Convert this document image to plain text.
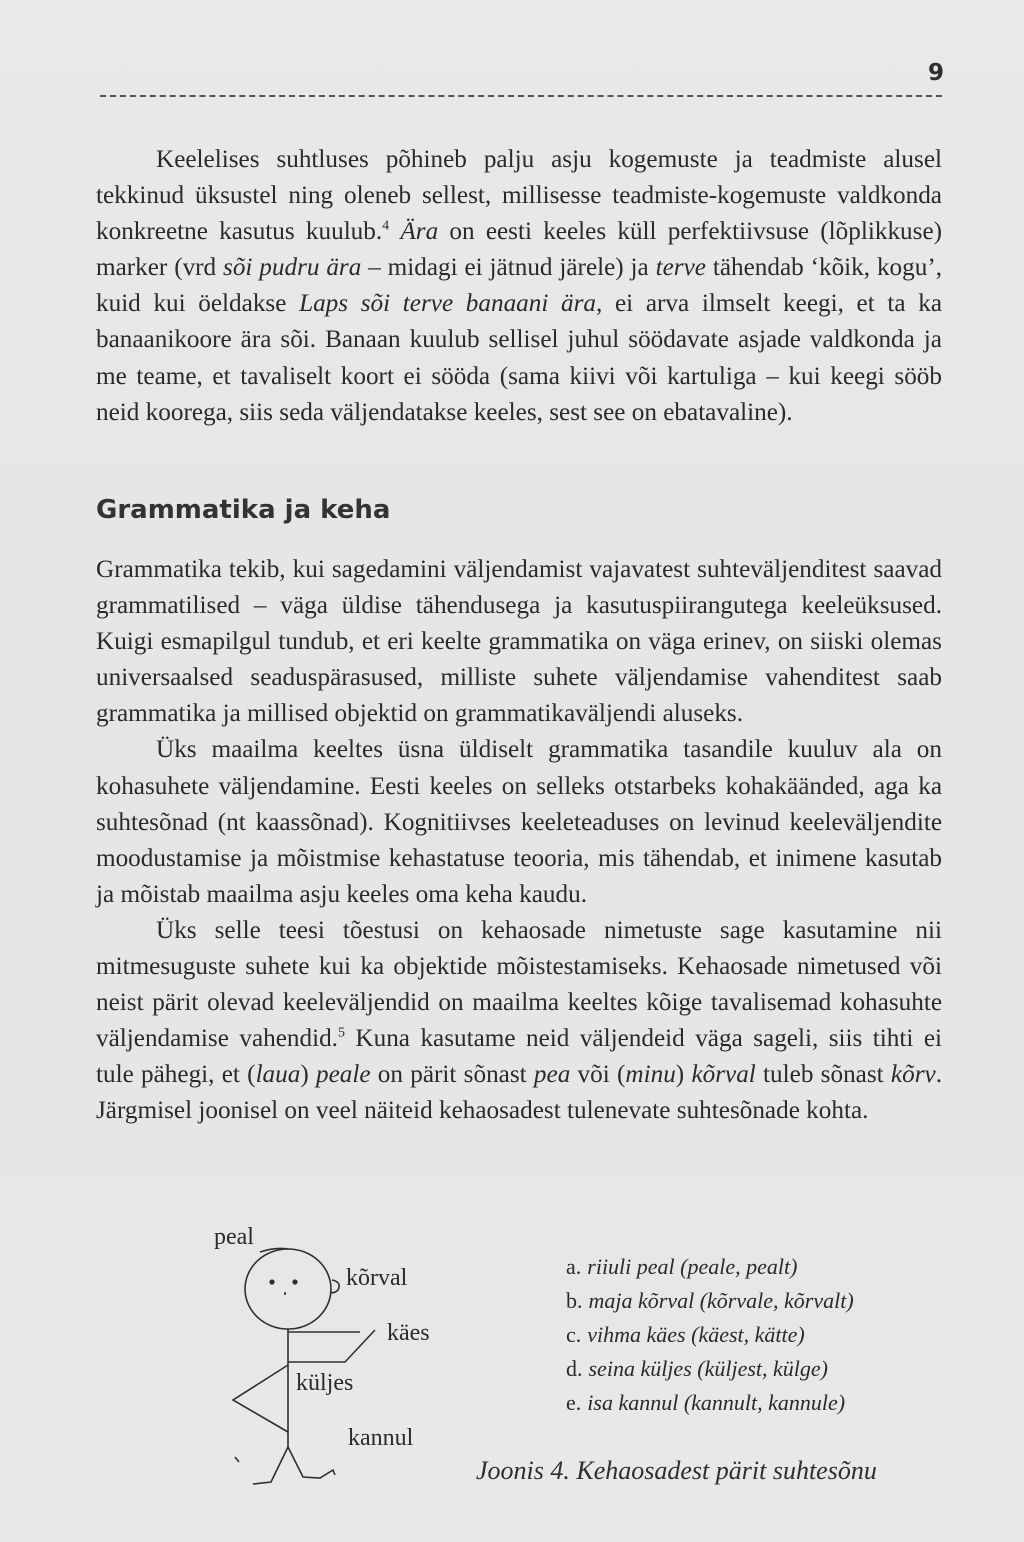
9

Keelelises suhtluses põhineb palju asju kogemuste ja teadmiste alusel tekkinud üksustel ning oleneb sellest, millisesse teadmiste-kogemuste valdkonda konkreetne kasutus kuulub.$^4$ Ära on eesti keeles küll perfektiivsuse (lõplikkuse) marker (vrd sõi pudru ära – midagi ei jätnud järele) ja terve tähendab ‘kõik, kogu’, kuid kui öeldakse Laps sõi terve banaani ära, ei arva ilmselt keegi, et ta ka banaanikoore ära sõi. Banaan kuulub sellisel juhul söödavate asjade valdkonda ja me teame, et tavaliselt koort ei sööda (sama kiivi või kartuliga – kui keegi sööb neid koorega, siis seda väljendatakse keeles, sest see on ebatavaline).

Grammatika ja keha

Grammatika tekib, kui sagedamini väljendamist vajavatest suhteväljenditest saavad grammatilised – väga üldise tähendusega ja kasutuspiirangutega keeleüksused. Kuigi esmapilgul tundub, et eri keelte grammatika on väga erinev, on siiski olemas universaalsed seaduspärasused, milliste suhete väljendamise vahenditest saab grammatika ja millised objektid on grammatikaväljendi aluseks.

Üks maailma keeltes üsna üldiselt grammatika tasandile kuuluv ala on kohasuhete väljendamine. Eesti keeles on selleks otstarbeks kohakäänded, aga ka suhtesõnad (nt kaassõnad). Kognitiivses keeleteaduses on levinud keeleväljendite moodustamise ja mõistmise kehastatuse teooria, mis tähendab, et inimene kasutab ja mõistab maailma asju keeles oma keha kaudu.

Üks selle teesi tõestusi on kehaosade nimetuste sage kasutamine nii mitmesuguste suhete kui ka objektide mõistestamiseks. Kehaosade nimetused või neist pärit olevad keeleväljendid on maailma keeltes kõige tavalisemad kohasuhte väljendamise vahendid.$^5$ Kuna kasutame neid väljendeid väga sageli, siis tihti ei tule pähegi, et (laua) peale on pärit sõnast pea või (minu) kõrval tuleb sõnast kõrv. Järgmisel joonisel on veel näiteid kehaosadest tulenevate suhtesõnade kohta.

peal
kõrval
käes
küljes
kannul
a. riiuli peal (peale, pealt)
b. maja kõrval (kõrvale, kõrvalt)
c. vihma käes (käest, kätte)
d. seina küljes (küljest, külge)
e. isa kannul (kannult, kannule)
Joonis 4. Kehaosadest pärit suhtesõnu
